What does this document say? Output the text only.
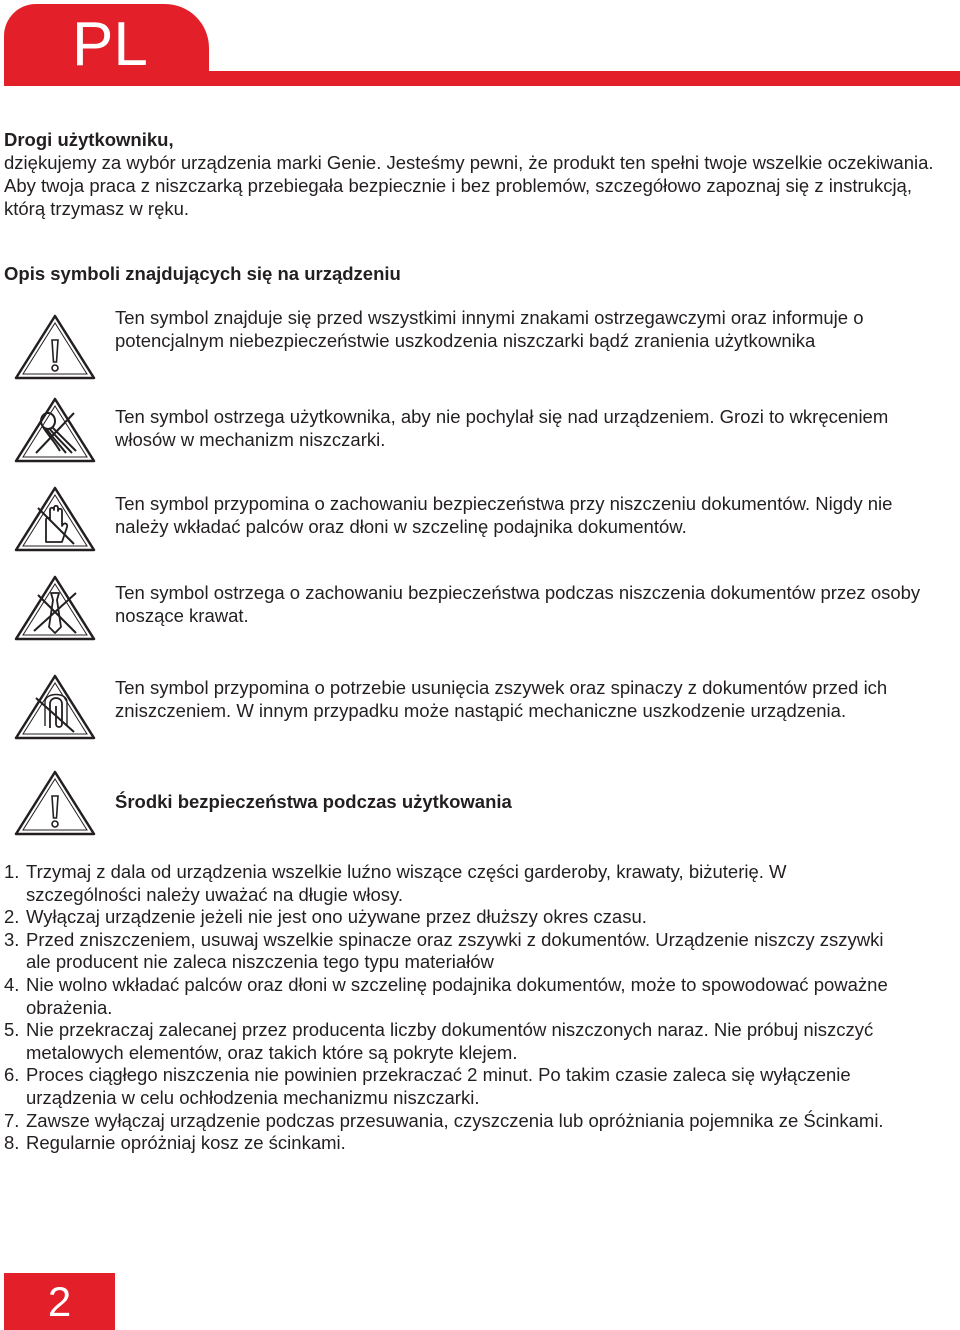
PL
Drogi użytkowniku,
dziękujemy za wybór urządzenia marki Genie. Jesteśmy pewni, że produkt ten spełni twoje wszelkie oczekiwania. Aby twoja praca z niszczarką przebiegała bezpiecznie i bez problemów, szczegółowo zapoznaj się z instrukcją, którą trzymasz w ręku.
Opis symboli znajdujących się na urządzeniu
Ten symbol znajduje się przed wszystkimi innymi znakami ostrzegawczymi oraz informuje o potencjalnym niebezpieczeństwie uszkodzenia niszczarki bądź zranienia użytkownika
Ten symbol ostrzega użytkownika, aby nie pochylał się nad urządzeniem. Grozi to wkręceniem włosów w mechanizm niszczarki.
Ten symbol przypomina o zachowaniu bezpieczeństwa przy niszczeniu dokumentów. Nigdy nie należy wkładać palców oraz dłoni w szczelinę podajnika dokumentów.
Ten symbol ostrzega o zachowaniu bezpieczeństwa podczas niszczenia dokumentów przez osoby noszące krawat.
Ten symbol przypomina o potrzebie usunięcia zszywek oraz spinaczy z dokumentów przed ich zniszczeniem. W innym przypadku może nastąpić mechaniczne uszkodzenie urządzenia.
Środki bezpieczeństwa podczas użytkowania
1. Trzymaj z dala od urządzenia wszelkie luźno wiszące części garderoby, krawaty, biżuterię. W szczególności należy uważać na długie włosy.
2. Wyłączaj urządzenie jeżeli nie jest ono używane przez dłuższy okres czasu.
3. Przed zniszczeniem, usuwaj wszelkie spinacze oraz zszywki z dokumentów. Urządzenie niszczy zszywki ale producent nie zaleca niszczenia tego typu materiałów
4. Nie wolno wkładać palców oraz dłoni w szczelinę podajnika dokumentów, może to spowodować poważne obrażenia.
5. Nie przekraczaj zalecanej przez producenta liczby dokumentów niszczonych naraz. Nie próbuj niszczyć metalowych elementów, oraz takich które są pokryte klejem.
6. Proces ciągłego niszczenia nie powinien przekraczać 2 minut. Po takim czasie zaleca się wyłączenie urządzenia w celu ochłodzenia mechanizmu niszczarki.
7. Zawsze wyłączaj urządzenie podczas przesuwania, czyszczenia lub opróżniania pojemnika ze Ścinkami.
8. Regularnie opróżniaj kosz ze ścinkami.
2
